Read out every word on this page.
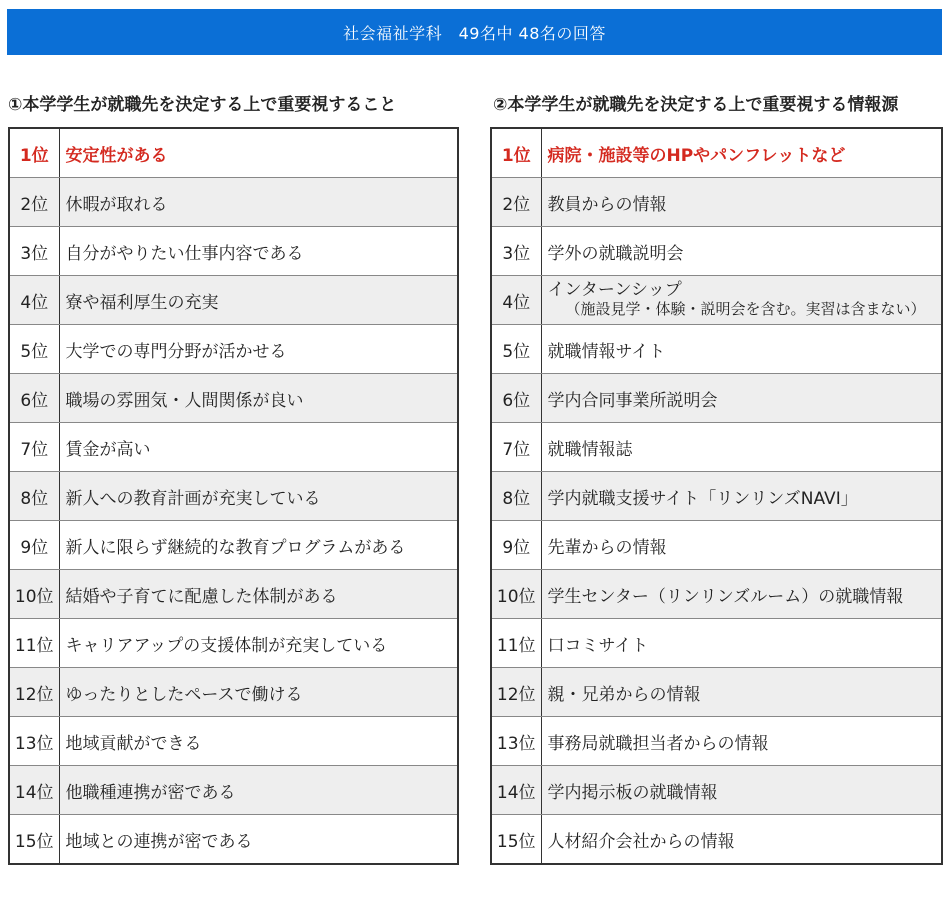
社会福祉学科　49名中 48名の回答
①本学学生が就職先を決定する上で重要視すること	②本学学生が就職先を決定する上で重要視する情報源
1位	安定性がある
2位	休暇が取れる
3位	自分がやりたい仕事内容である
4位	寮や福利厚生の充実
5位	大学での専門分野が活かせる
6位	職場の雰囲気・人間関係が良い
7位	賃金が高い
8位	新人への教育計画が充実している
9位	新人に限らず継続的な教育プログラムがある
10位	結婚や子育てに配慮した体制がある
11位	キャリアアップの支援体制が充実している
12位	ゆったりとしたペースで働ける
13位	地域貢献ができる
14位	他職種連携が密である
15位	地域との連携が密である
1位	病院・施設等のHPやパンフレットなど
2位	教員からの情報
3位	学外の就職説明会
4位	インターンシップ
（施設見学・体験・説明会を含む。実習は含まない）

5位	就職情報サイト
6位	学内合同事業所説明会
7位	就職情報誌
8位	学内就職支援サイト「リンリンズNAVI」
9位	先輩からの情報
10位	学生センター（リンリンズルーム）の就職情報
11位	口コミサイト
12位	親・兄弟からの情報
13位	事務局就職担当者からの情報
14位	学内掲示板の就職情報
15位	人材紹介会社からの情報
